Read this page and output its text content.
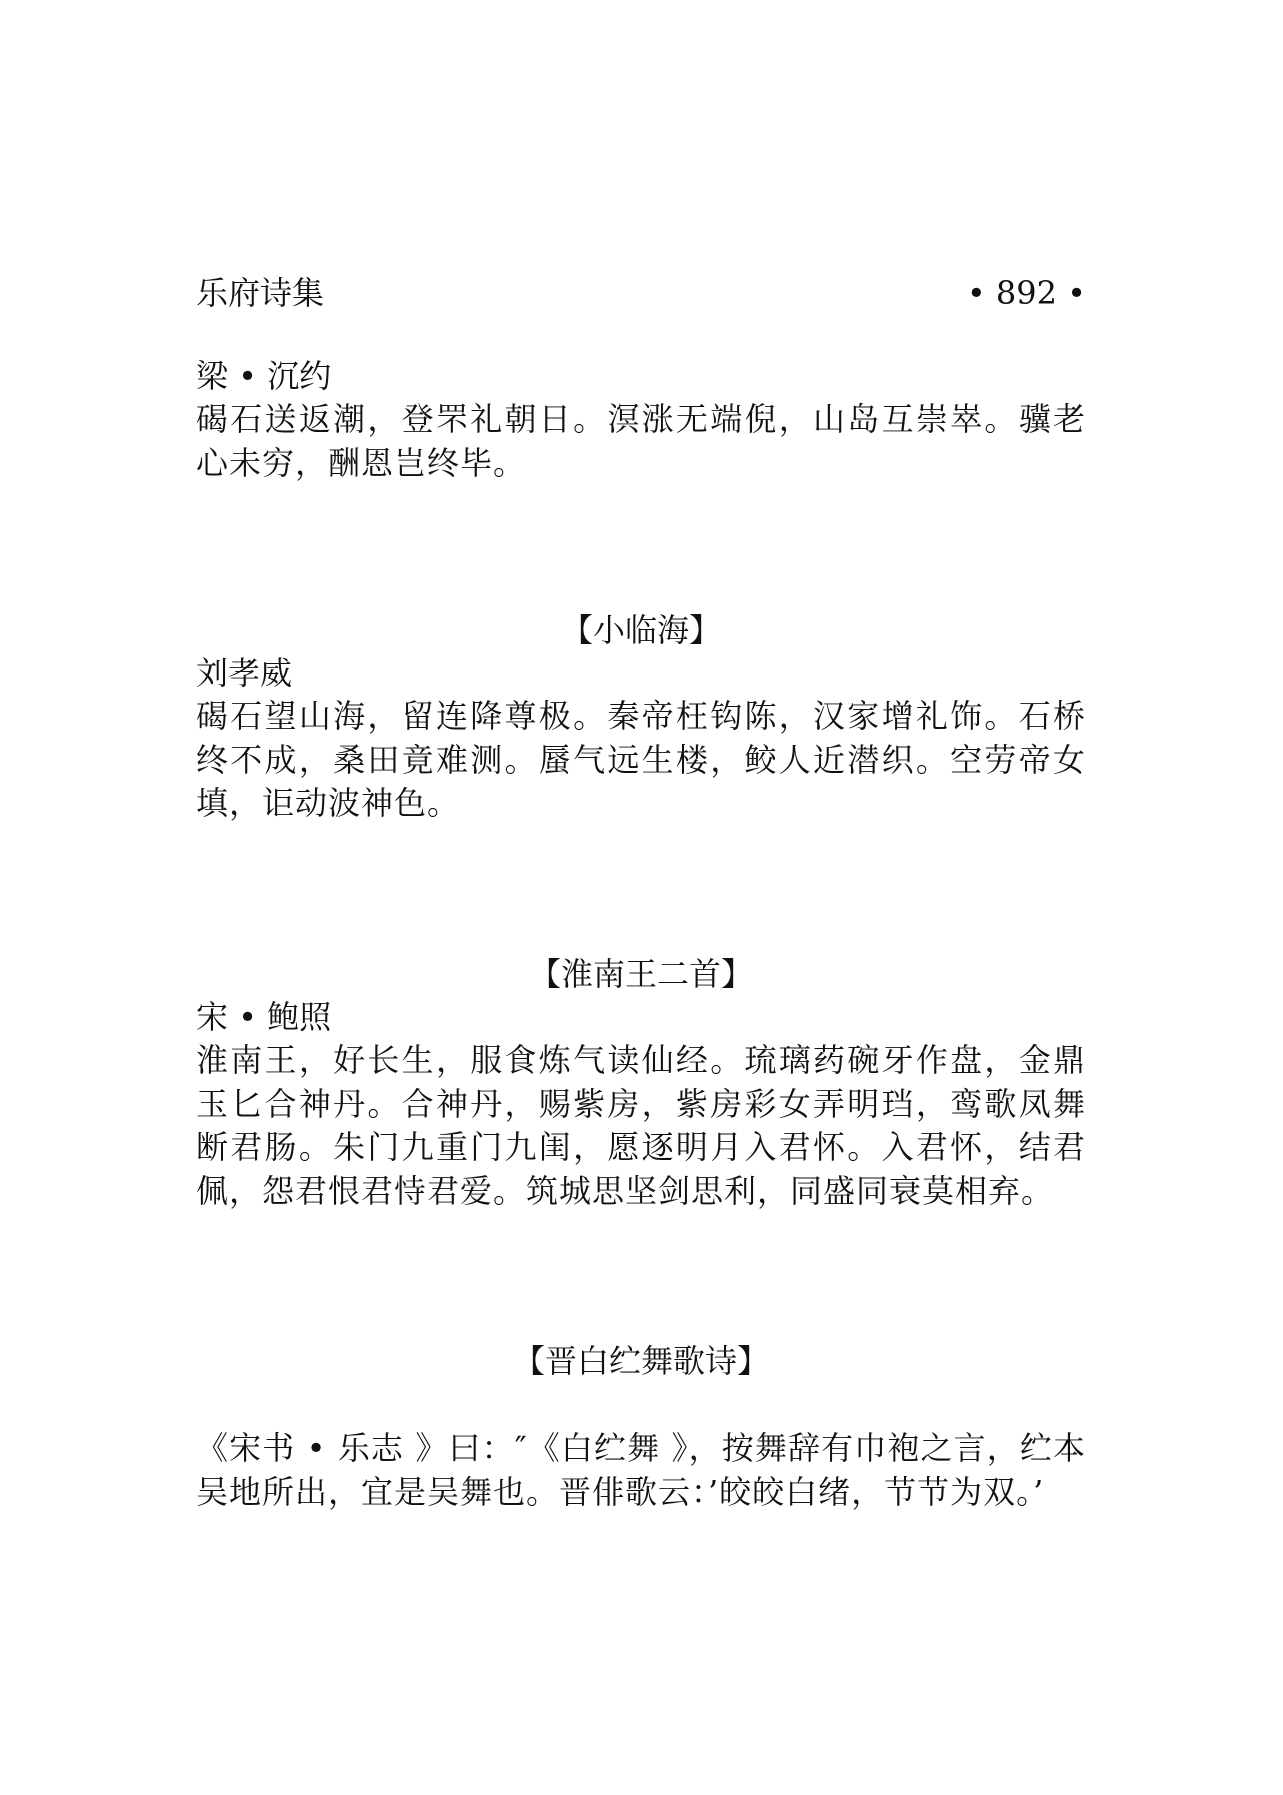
乐府诗集	• 892 •
梁 • 沉约
碣石送返潮，登罘礼朝日。溟涨无端倪，山岛互崇崒。骥老心未穷，酬恩岂终毕。
【小临海】
刘孝威
碣石望山海，留连降尊极。秦帝枉钩陈，汉家增礼饰。石桥终不成，桑田竟难测。蜃气远生楼，鲛人近潜织。空劳帝女填，讵动波神色。
【淮南王二首】
宋 • 鲍照
淮南王，好长生，服食炼气读仙经。琉璃药碗牙作盘，金鼎玉匕合神丹。合神丹，赐紫房，紫房彩女弄明珰，鸾歌凤舞断君肠。朱门九重门九闺，愿逐明月入君怀。入君怀，结君佩，怨君恨君恃君爱。筑城思坚剑思利，同盛同衰莫相弃。
【晋白纻舞歌诗】
《宋书 • 乐志 》曰：″《白纻舞 》，按舞辞有巾袍之言，纻本吴地所出，宜是吴舞也。晋俳歌云：’皎皎白绪，节节为双。’
